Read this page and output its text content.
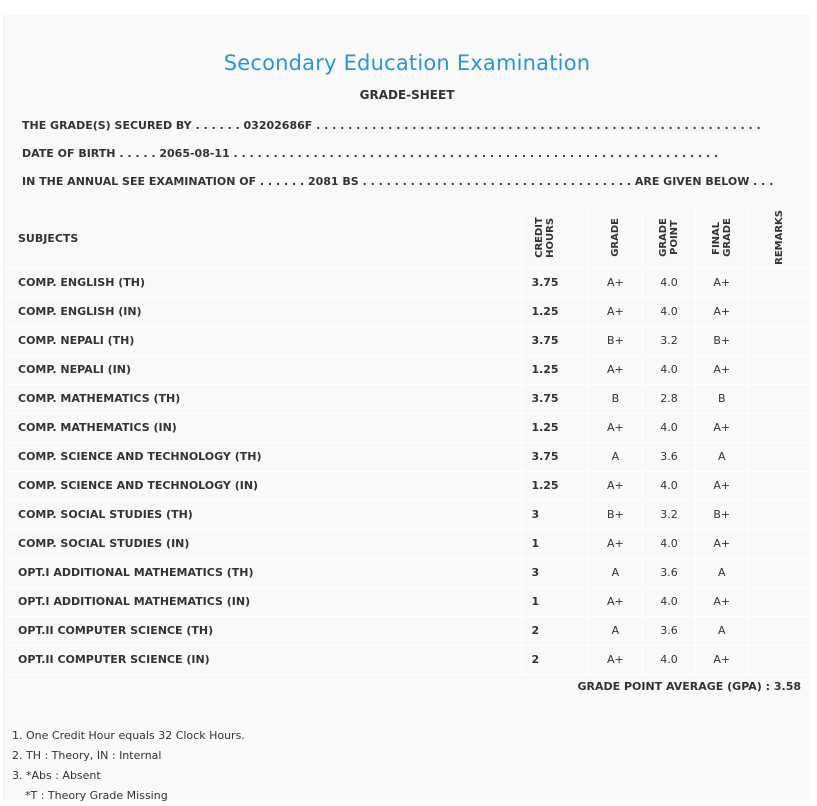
Secondary Education Examination
GRADE-SHEET
THE GRADE(S) SECURED BY . . . . . . 03202686F . . . . . . . . . . . . . . . . . . . . . . . . . . . . . . . . . . . . . . . . . . . . . . . . . . . . . . . .
DATE OF BIRTH . . . . . 2065-08-11 . . . . . . . . . . . . . . . . . . . . . . . . . . . . . . . . . . . . . . . . . . . . . . . . . . . . . . . . . . . . .
IN THE ANNUAL SEE EXAMINATION OF . . . . . . 2081 BS . . . . . . . . . . . . . . . . . . . . . . . . . . . . . . . . . . ARE GIVEN BELOW . . .
SUBJECTS	CREDIT HOURS	GRADE	GRADE POINT	FINAL GRADE	REMARKS
COMP. ENGLISH (TH)	3.75	A+	4.0	A+	
COMP. ENGLISH (IN)	1.25	A+	4.0	A+	
COMP. NEPALI (TH)	3.75	B+	3.2	B+	
COMP. NEPALI (IN)	1.25	A+	4.0	A+	
COMP. MATHEMATICS (TH)	3.75	B	2.8	B	
COMP. MATHEMATICS (IN)	1.25	A+	4.0	A+	
COMP. SCIENCE AND TECHNOLOGY (TH)	3.75	A	3.6	A	
COMP. SCIENCE AND TECHNOLOGY (IN)	1.25	A+	4.0	A+	
COMP. SOCIAL STUDIES (TH)	3	B+	3.2	B+	
COMP. SOCIAL STUDIES (IN)	1	A+	4.0	A+	
OPT.I ADDITIONAL MATHEMATICS (TH)	3	A	3.6	A	
OPT.I ADDITIONAL MATHEMATICS (IN)	1	A+	4.0	A+	
OPT.II COMPUTER SCIENCE (TH)	2	A	3.6	A	
OPT.II COMPUTER SCIENCE (IN)	2	A+	4.0	A+	
GRADE POINT AVERAGE (GPA) : 3.58
1. One Credit Hour equals 32 Clock Hours.
2. TH : Theory, IN : Internal
3. *Abs : Absent
*T : Theory Grade Missing
